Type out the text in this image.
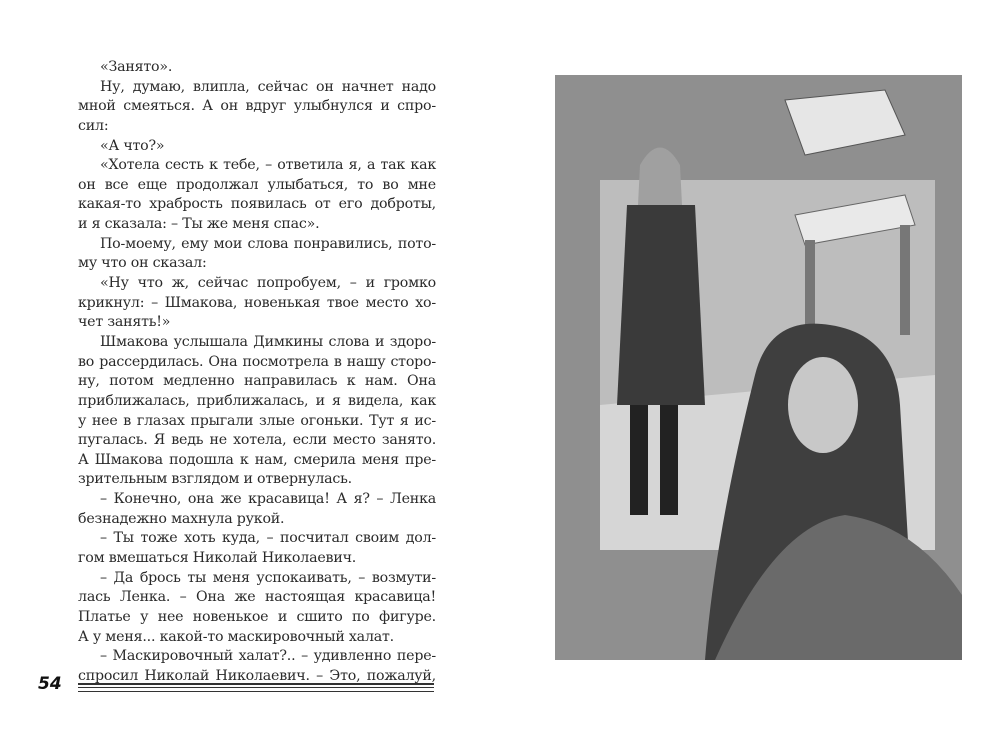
«Занято».
Ну, думаю, влипла, сейчас он начнет надо
мной смеяться. А он вдруг улыбнулся и спро-
сил:
«А что?»
«Хотела сесть к тебе, – ответила я, а так как
он все еще продолжал улыбаться, то во мне
какая-то храбрость появилась от его доброты,
и я сказала: – Ты же меня спас».
По-моему, ему мои слова понравились, пото-
му что он сказал:
«Ну что ж, сейчас попробуем, – и громко
крикнул: – Шмакова, новенькая твое место хо-
чет занять!»
Шмакова услышала Димкины слова и здоро-
во рассердилась. Она посмотрела в нашу сторо-
ну, потом медленно направилась к нам. Она
приближалась, приближалась, и я видела, как
у нее в глазах прыгали злые огоньки. Тут я ис-
пугалась. Я ведь не хотела, если место занято.
А Шмакова подошла к нам, смерила меня пре-
зрительным взглядом и отвернулась.
– Конечно, она же красавица! А я? – Ленка
безнадежно махнула рукой.
– Ты тоже хоть куда, – посчитал своим дол-
гом вмешаться Николай Николаевич.
– Да брось ты меня успокаивать, – возмути-
лась Ленка. – Она же настоящая красавица!
Платье у нее новенькое и сшито по фигуре.
А у меня... какой-то маскировочный халат.
– Маскировочный халат?.. – удивленно пере-
спросил Николай Николаевич. – Это, пожалуй,
54
